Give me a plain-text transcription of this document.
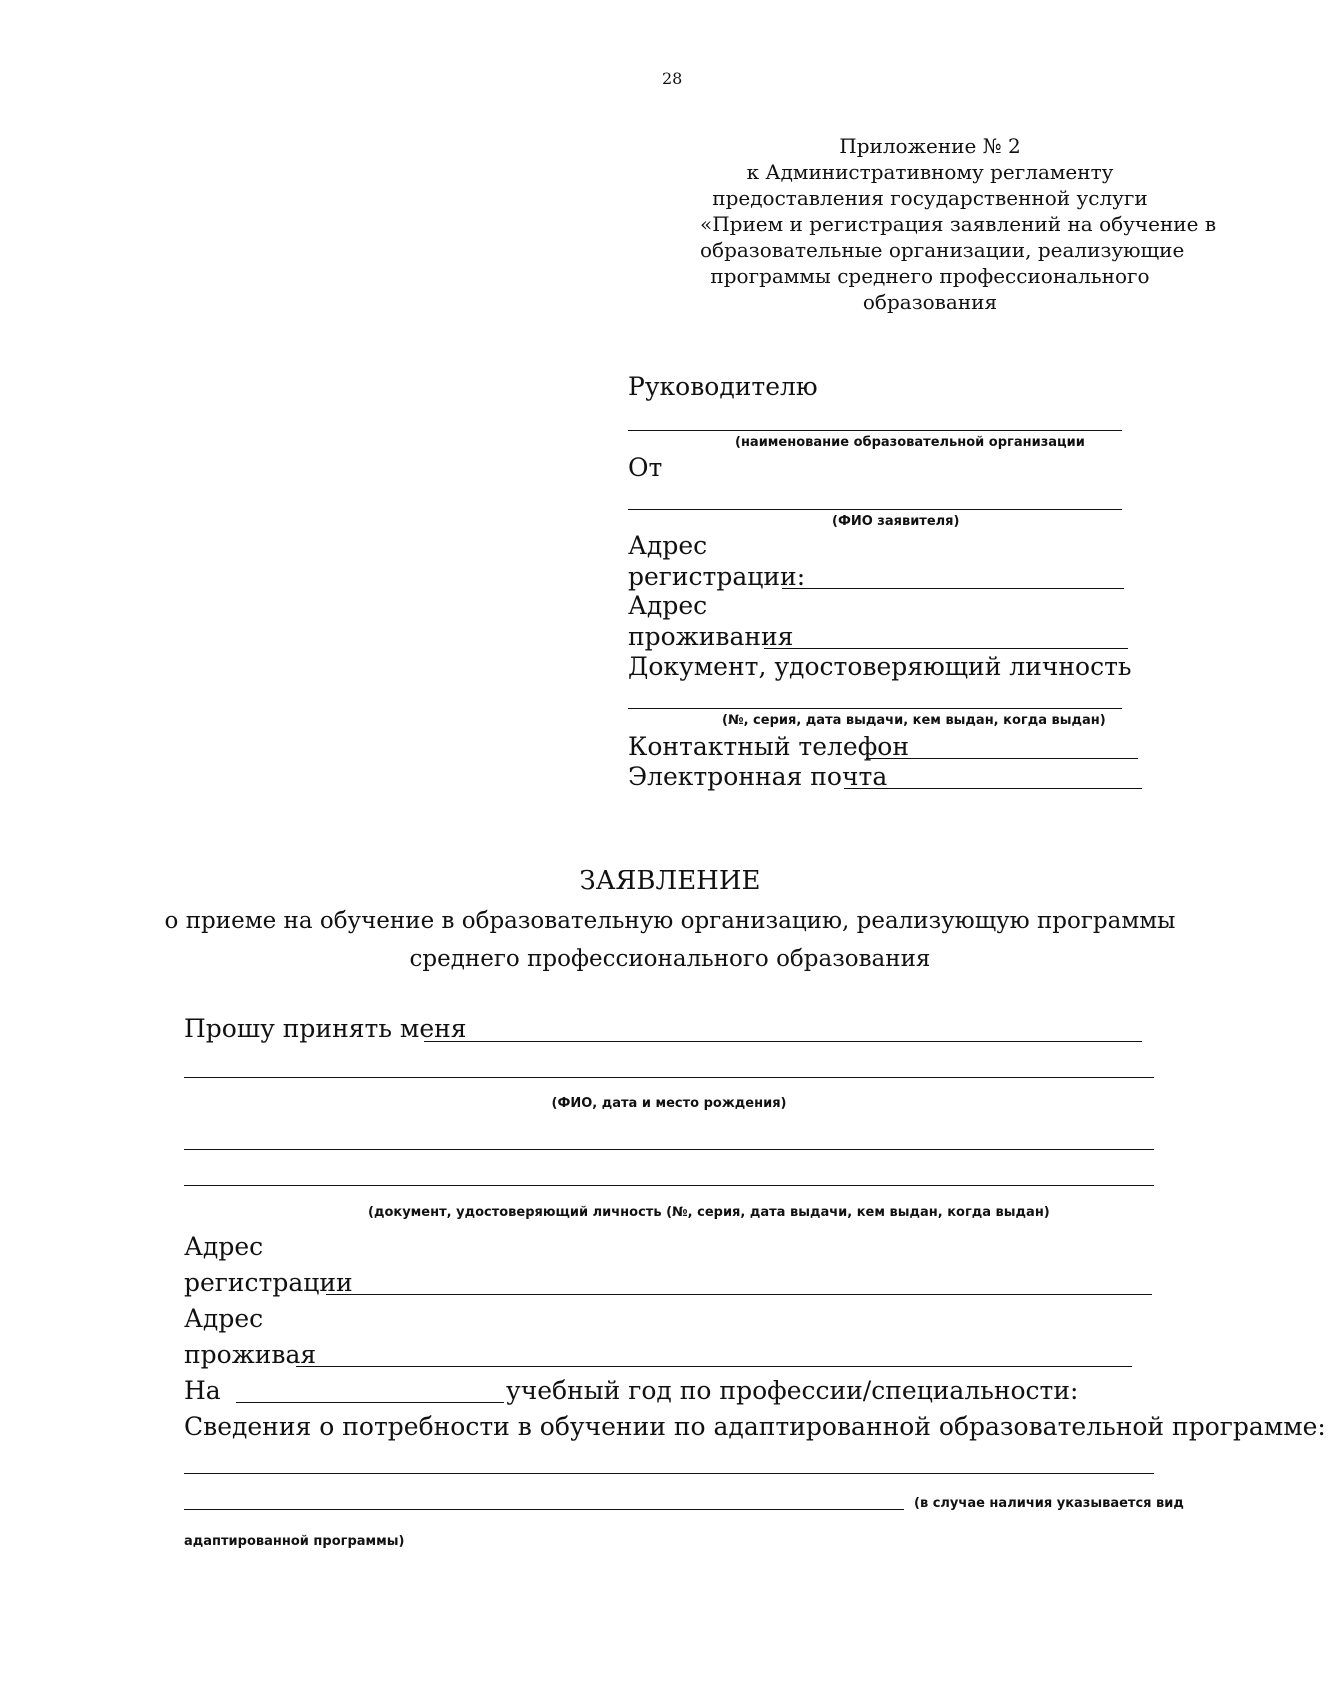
28
Приложение № 2
к Административному регламенту
предоставления государственной услуги
«Прием и регистрация заявлений на обучение в
образовательные организации, реализующие
программы среднего профессионального
образования
Руководителю
(наименование образовательной организации
От
(ФИО заявителя)
Адрес
регистрации:
Адрес
проживания
Документ, удостоверяющий личность
(№, серия, дата выдачи, кем выдан, когда выдан)
Контактный телефон
Электронная почта
ЗАЯВЛЕНИЕ
о приеме на обучение в образовательную организацию, реализующую программы
среднего профессионального образования
Прошу принять меня
(ФИО, дата и место рождения)
(документ, удостоверяющий личность (№, серия, дата выдачи, кем выдан, когда выдан)
Адрес
регистрации
Адрес
проживая
На	учебный год по профессии/специальности:
Сведения о потребности в обучении по адаптированной образовательной программе:
(в случае наличия указывается вид
адаптированной программы)
